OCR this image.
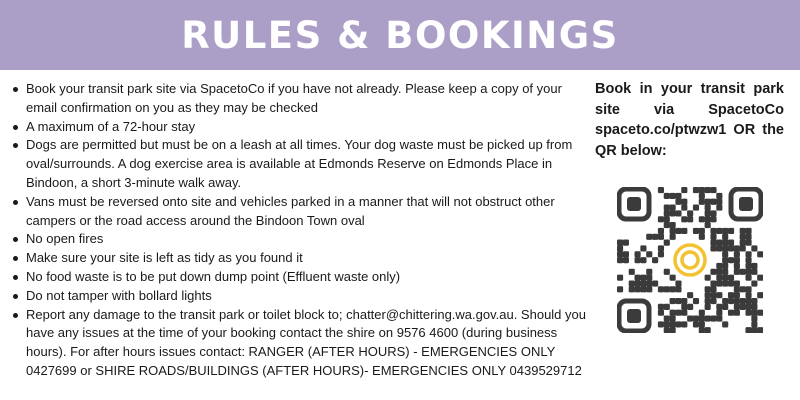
RULES & BOOKINGS
Book your transit park site via SpacetoCo if you have not already. Please keep a copy of your email confirmation on you as they may be checked
A maximum of a 72-hour stay
Dogs are permitted but must be on a leash at all times. Your dog waste must be picked up from oval/surrounds. A dog exercise area is available at Edmonds Reserve on Edmonds Place in Bindoon, a short 3-minute walk away.
Vans must be reversed onto site and vehicles parked in a manner that will not obstruct other campers or the road access around the Bindoon Town oval
No open fires
Make sure your site is left as tidy as you found it
No food waste is to be put down dump point (Effluent waste only)
Do not tamper with bollard lights
Report any damage to the transit park or toilet block to; chatter@chittering.wa.gov.au. Should you have any issues at the time of your booking contact the shire on 9576 4600 (during business hours). For after hours issues contact: RANGER (AFTER HOURS) - EMERGENCIES ONLY 0427699 or SHIRE ROADS/BUILDINGS (AFTER HOURS)- EMERGENCIES ONLY 0439529712
Book in your transit park site via SpacetoCo spaceto.co/ptwzw1 OR the QR below:
